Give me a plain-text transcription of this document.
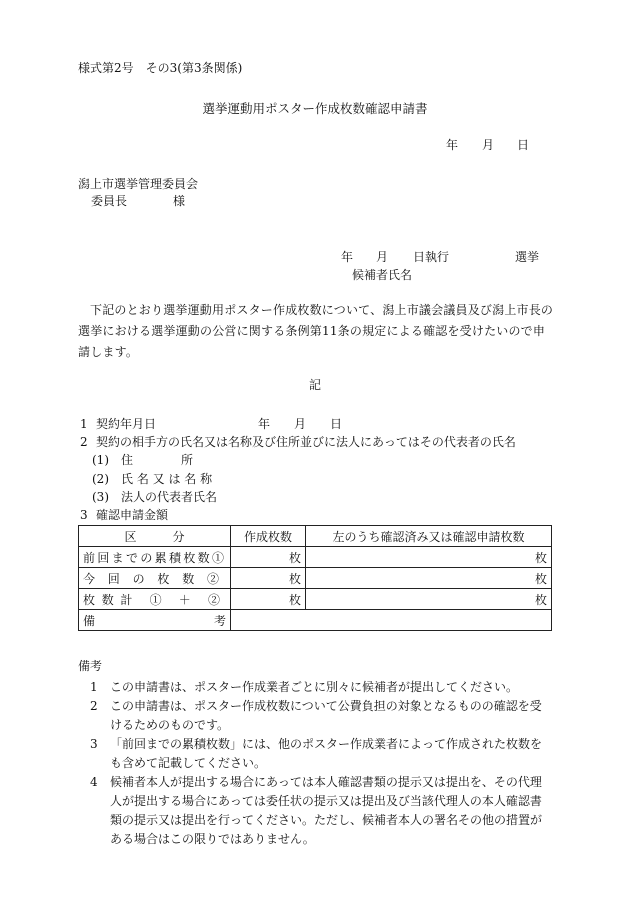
様式第2号　その3(第3条関係)
選挙運動用ポスター作成枚数確認申請書
年 月 日
潟上市選挙管理委員会
委員長	様
年 月 日執行	選挙
候補者氏名
下記のとおり選挙運動用ポスター作成枚数について、潟上市議会議員及び潟上市長の選挙における選挙運動の公営に関する条例第11条の規定による確認を受けたいので申請します。
記
1 契約年月日	年 月 日
2 契約の相手方の氏名又は名称及び住所並びに法人にあってはその代表者の氏名
(1) 住　　　　所
(2) 氏 名 又 は 名 称
(3) 法人の代表者氏名
3 確認申請金額
区　　　分	作成枚数	左のうち確認済み又は確認申請枚数
前回までの累積枚数①	枚	枚
今回の枚数②	枚	枚
枚数計 ① ＋ ②	枚	枚
備考		
備考
1 この申請書は、ポスター作成業者ごとに別々に候補者が提出してください。
2 この申請書は、ポスター作成枚数について公費負担の対象となるものの確認を受けるためのものです。
3 「前回までの累積枚数」には、他のポスター作成業者によって作成された枚数をも含めて記載してください。
4 候補者本人が提出する場合にあっては本人確認書類の提示又は提出を、その代理人が提出する場合にあっては委任状の提示又は提出及び当該代理人の本人確認書類の提示又は提出を行ってください。ただし、候補者本人の署名その他の措置がある場合はこの限りではありません。
